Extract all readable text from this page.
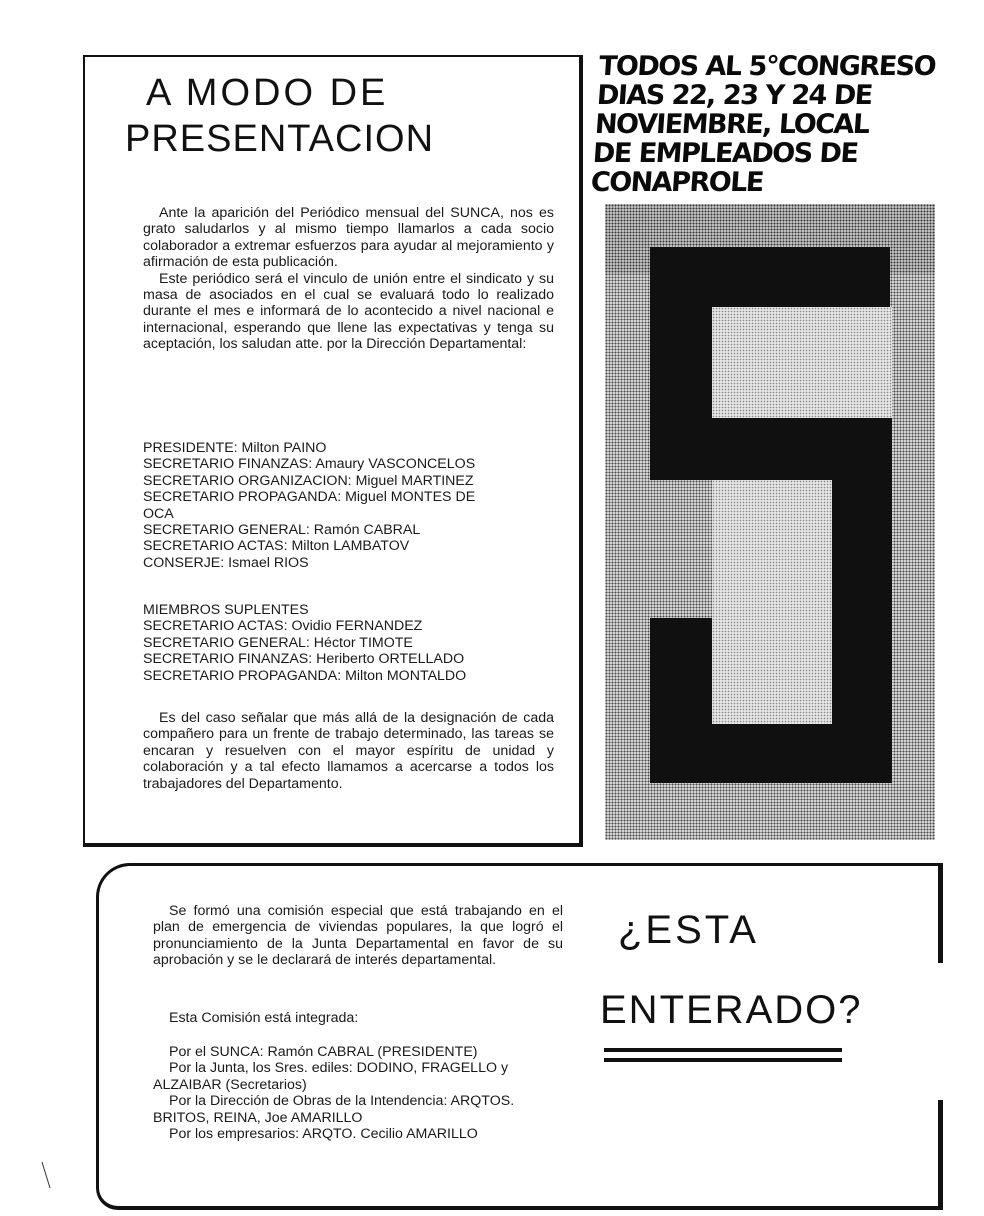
A MODO DE
PRESENTACION

Ante la aparición del Periódico mensual del SUNCA, nos es grato saludarlos y al mismo tiempo llamarlos a cada socio colaborador a extremar esfuerzos para ayudar al mejoramiento y afirmación de esta publicación.

Este periódico será el vinculo de unión entre el sindicato y su masa de asociados en el cual se evaluará todo lo realizado durante el mes e informará de lo acontecido a nivel nacional e internacional, esperando que llene las expectativas y tenga su aceptación, los saludan atte. por la Dirección Departamental:

PRESIDENTE: Milton PAINO
SECRETARIO FINANZAS: Amaury VASCONCELOS
SECRETARIO ORGANIZACION: Miguel MARTINEZ
SECRETARIO PROPAGANDA: Miguel MONTES DE
OCA
SECRETARIO GENERAL: Ramón CABRAL
SECRETARIO ACTAS: Milton LAMBATOV
CONSERJE: Ismael RIOS
MIEMBROS SUPLENTES
SECRETARIO ACTAS: Ovidio FERNANDEZ
SECRETARIO GENERAL: Héctor TIMOTE
SECRETARIO FINANZAS: Heriberto ORTELLADO
SECRETARIO PROPAGANDA: Milton MONTALDO

Es del caso señalar que más allá de la designación de cada compañero para un frente de trabajo determinado, las tareas se encaran y resuelven con el mayor espíritu de unidad y colaboración y a tal efecto llamamos a acercarse a todos los trabajadores del Departamento.

TODOS AL 5°CONGRESO
DIAS 22, 23 Y 24 DE
NOVIEMBRE, LOCAL
DE EMPLEADOS DE
CONAPROLE

Se formó una comisión especial que está trabajando en el plan de emergencia de viviendas populares, la que logró el pronunciamiento de la Junta Departamental en favor de su aprobación y se le declarará de interés departamental.

Esta Comisión está integrada:

Por el SUNCA: Ramón CABRAL (PRESIDENTE)

Por la Junta, los Sres. ediles: DODINO, FRAGELLO y ALZAIBAR (Secretarios)

Por la Dirección de Obras de la Intendencia: ARQTOS. BRITOS, REINA, Joe AMARILLO

Por los empresarios: ARQTO. Cecilio AMARILLO

¿ESTA
ENTERADO?
